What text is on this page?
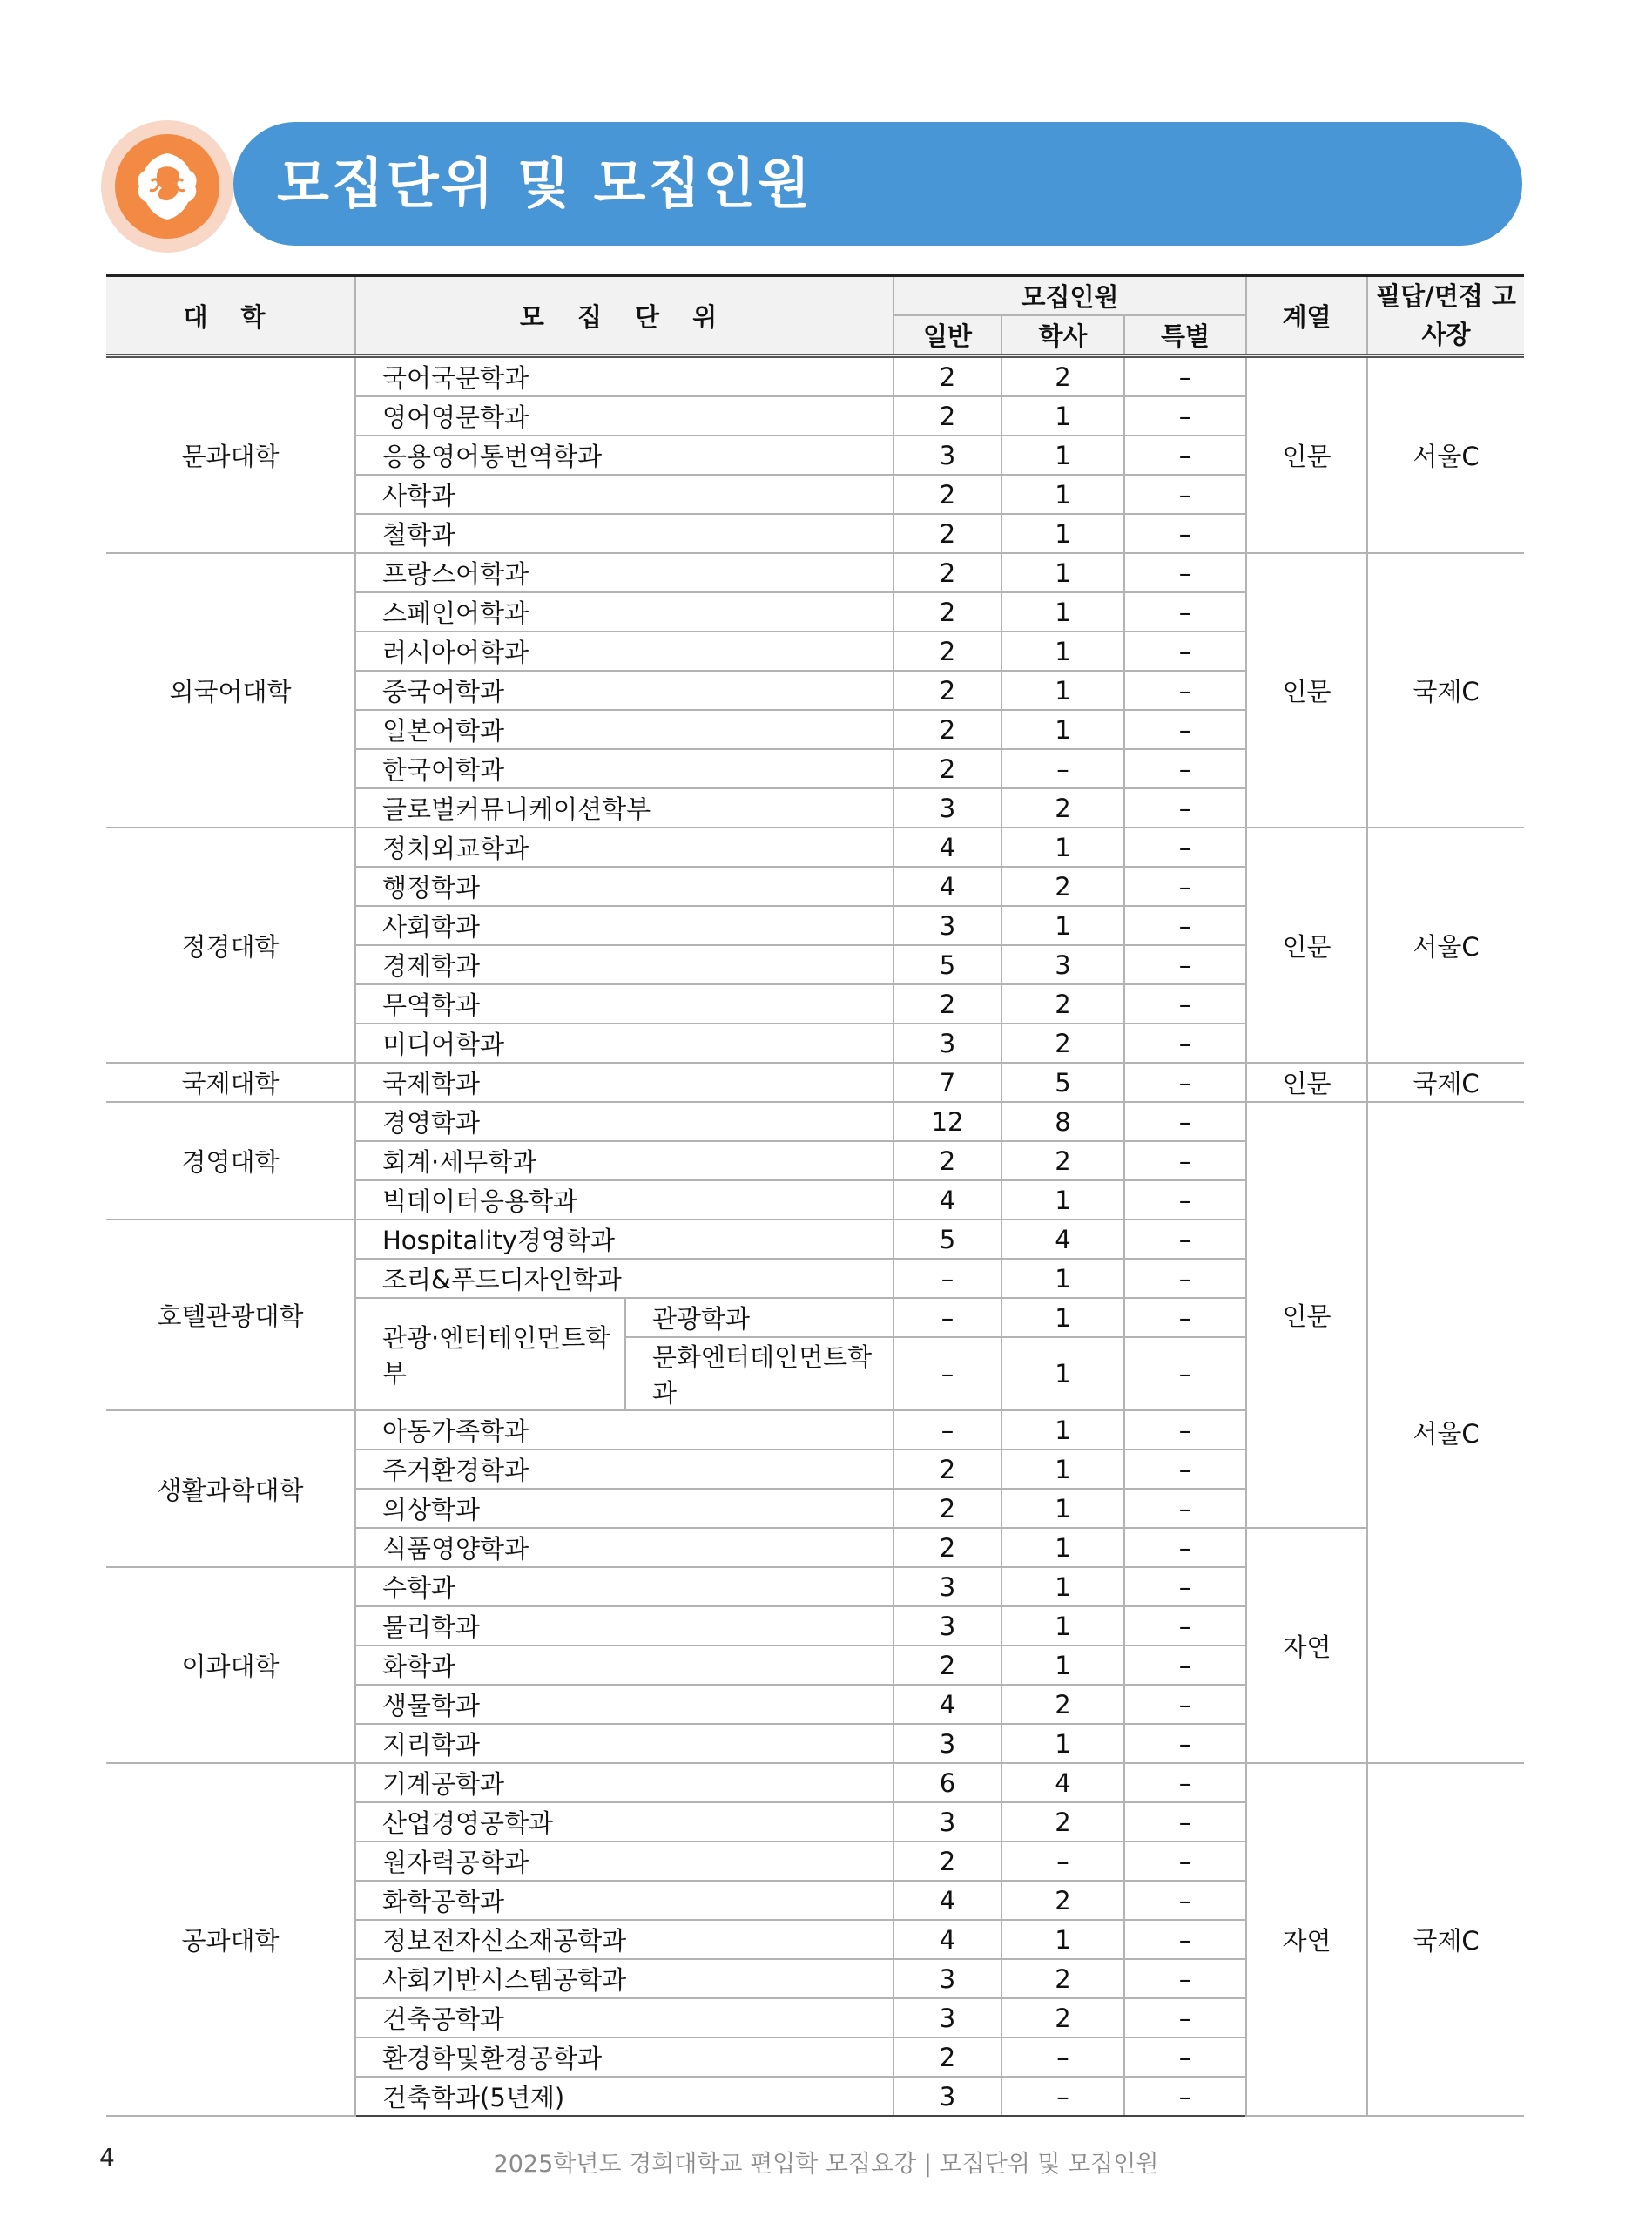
모집단위 및 모집인원
대 학	모 집 단 위		모집인원			계열	필답/면접 고사장
			일반	학사	특별		
문과대학	국어국문학과		2	2	–	인문	서울C
	영어영문학과		2	1	–		
	응용영어통번역학과		3	1	–		
	사학과		2	1	–		
	철학과		2	1	–		
외국어대학	프랑스어학과		2	1	–	인문	국제C
	스페인어학과		2	1	–		
	러시아어학과		2	1	–		
	중국어학과		2	1	–		
	일본어학과		2	1	–		
	한국어학과		2	–	–		
	글로벌커뮤니케이션학부		3	2	–		
정경대학	정치외교학과		4	1	–	인문	서울C
	행정학과		4	2	–		
	사회학과		3	1	–		
	경제학과		5	3	–		
	무역학과		2	2	–		
	미디어학과		3	2	–		
국제대학	국제학과		7	5	–	인문	국제C
경영대학	경영학과		12	8	–	인문	서울C
	회계·세무학과		2	2	–		
	빅데이터응용학과		4	1	–		
호텔관광대학	Hospitality경영학과		5	4	–		
	조리&푸드디자인학과		–	1	–		
	관광·엔터테인먼트학부	관광학과	–	1	–		
		문화엔터테인먼트학과	–	1	–		
생활과학대학	아동가족학과		–	1	–		
	주거환경학과		2	1	–		
	의상학과		2	1	–		
	식품영양학과		2	1	–	자연	
이과대학	수학과		3	1	–		
	물리학과		3	1	–		
	화학과		2	1	–		
	생물학과		4	2	–		
	지리학과		3	1	–		
공과대학	기계공학과		6	4	–	자연	국제C
	산업경영공학과		3	2	–		
	원자력공학과		2	–	–		
	화학공학과		4	2	–		
	정보전자신소재공학과		4	1	–		
	사회기반시스템공학과		3	2	–		
	건축공학과		3	2	–		
	환경학및환경공학과		2	–	–		
	건축학과(5년제)		3	–	–		
4	2025학년도 경희대학교 편입학 모집요강 | 모집단위 및 모집인원
